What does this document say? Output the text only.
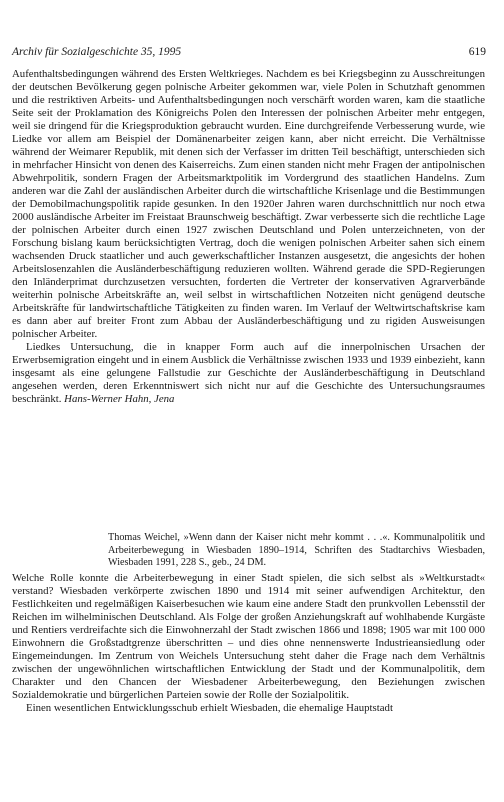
Archiv für Sozialgeschichte 35, 1995	619

Aufenthaltsbedingungen während des Ersten Weltkrieges. Nachdem es bei Kriegsbeginn zu Ausschreitungen der deutschen Bevölkerung gegen polnische Arbeiter gekommen war, viele Polen in Schutzhaft genommen und die restriktiven Arbeits- und Aufenthaltsbedingungen noch verschärft worden waren, kam die staatliche Seite seit der Proklamation des Königreichs Polen den Interessen der polnischen Arbeiter mehr entgegen, weil sie dringend für die Kriegsproduktion gebraucht wurden. Eine durchgreifende Verbesserung wurde, wie Liedke vor allem am Beispiel der Domänenarbeiter zeigen kann, aber nicht erreicht. Die Verhältnisse während der Weimarer Republik, mit denen sich der Verfasser im dritten Teil beschäftigt, unterschieden sich in mehrfacher Hinsicht von denen des Kaiserreichs. Zum einen standen nicht mehr Fragen der antipolnischen Abwehrpolitik, sondern Fragen der Arbeitsmarktpolitik im Vordergrund des staatlichen Handelns. Zum anderen war die Zahl der ausländischen Arbeiter durch die wirtschaftliche Krisenlage und die Bestimmungen der Demobilmachungspolitik rapide gesunken. In den 1920er Jahren waren durchschnittlich nur noch etwa 2000 ausländische Arbeiter im Freistaat Braunschweig beschäftigt. Zwar verbesserte sich die rechtliche Lage der polnischen Arbeiter durch einen 1927 zwischen Deutschland und Polen unterzeichneten, von der Forschung bislang kaum berücksichtigten Vertrag, doch die wenigen polnischen Arbeiter sahen sich einem wachsenden Druck staatlicher und auch gewerkschaftlicher Instanzen ausgesetzt, die angesichts der hohen Arbeitslosenzahlen die Ausländerbeschäftigung reduzieren wollten. Während gerade die SPD-Regierungen den Inländerprimat durchzusetzen versuchten, forderten die Vertreter der konservativen Agrarverbände weiterhin polnische Arbeitskräfte an, weil selbst in wirtschaftlichen Notzeiten nicht genügend deutsche Arbeitskräfte für landwirtschaftliche Tätigkeiten zu finden waren. Im Verlauf der Weltwirtschaftskrise kam es dann aber auf breiter Front zum Abbau der Ausländerbeschäftigung und zu rigiden Ausweisungen polnischer Arbeiter.

Liedkes Untersuchung, die in knapper Form auch auf die innerpolnischen Ursachen der Erwerbsemigration eingeht und in einem Ausblick die Verhältnisse zwischen 1933 und 1939 einbezieht, kann insgesamt als eine gelungene Fallstudie zur Geschichte der Ausländerbeschäftigung in Deutschland angesehen werden, deren Erkenntniswert sich nicht nur auf die Geschichte des Untersuchungsraumes beschränkt. Hans-Werner Hahn, Jena

Thomas Weichel, »Wenn dann der Kaiser nicht mehr kommt . . .«. Kommunalpolitik und Arbeiterbewegung in Wiesbaden 1890–1914, Schriften des Stadtarchivs Wiesbaden, Wiesbaden 1991, 228 S., geb., 24 DM.

Welche Rolle konnte die Arbeiterbewegung in einer Stadt spielen, die sich selbst als »Weltkurstadt« verstand? Wiesbaden verkörperte zwischen 1890 und 1914 mit seiner aufwendigen Architektur, den Festlichkeiten und regelmäßigen Kaiserbesuchen wie kaum eine andere Stadt den prunkvollen Lebensstil der Reichen im wilhelminischen Deutschland. Als Folge der großen Anziehungskraft auf wohlhabende Kurgäste und Rentiers verdreifachte sich die Einwohnerzahl der Stadt zwischen 1866 und 1898; 1905 war mit 100 000 Einwohnern die Großstadtgrenze überschritten – und dies ohne nennenswerte Industrieansiedlung oder Eingemeindungen. Im Zentrum von Weichels Untersuchung steht daher die Frage nach dem Verhältnis zwischen der ungewöhnlichen wirtschaftlichen Entwicklung der Stadt und der Kommunalpolitik, dem Charakter und den Chancen der Wiesbadener Arbeiterbewegung, den Beziehungen zwischen Sozialdemokratie und bürgerlichen Parteien sowie der Rolle der Sozialpolitik.

Einen wesentlichen Entwicklungsschub erhielt Wiesbaden, die ehemalige Hauptstadt
